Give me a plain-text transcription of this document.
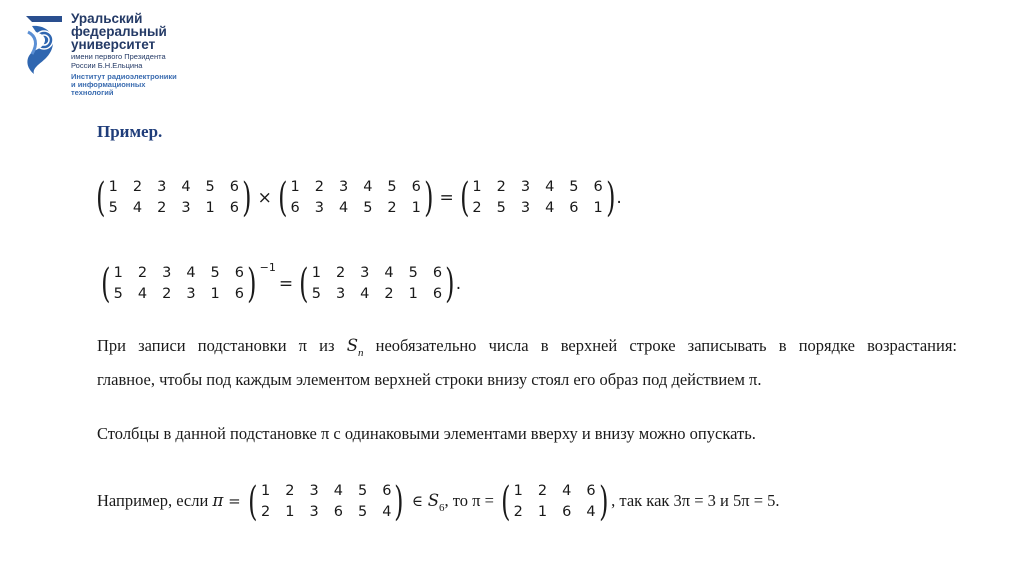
Уральский
федеральный
университет
имени первого Президента
России Б.Н.Ельцина
Институт радиоэлектроники
и информационных
технологий
Пример.
( 1 2 3 4 5 6
5 4 2 3 1 6 ) × ( 1 2 3 4 5 6
6 3 4 5 2 1 ) = ( 1 2 3 4 5 6
2 5 3 4 6 1 ) .
( 1 2 3 4 5 6
5 4 2 3 1 6 ) $^{-1}$= ( 1 2 3 4 5 6
5 3 4 2 1 6 ) .
При записи подстановки π из $S_n$ необязательно числа в верхней строке записывать в порядке возрастания:
главное, чтобы под каждым элементом верхней строки внизу стоял его образ под действием π.
Столбцы в данной подстановке π с одинаковыми элементами вверху и внизу можно опускать.
Например, если π = ( 1 2 3 4 5 6
2 1 3 6 5 4 ) ∈ $S_6$, то π = ( 1 2 4 6
2 1 6 4 ) , так как 3π = 3 и 5π = 5.
